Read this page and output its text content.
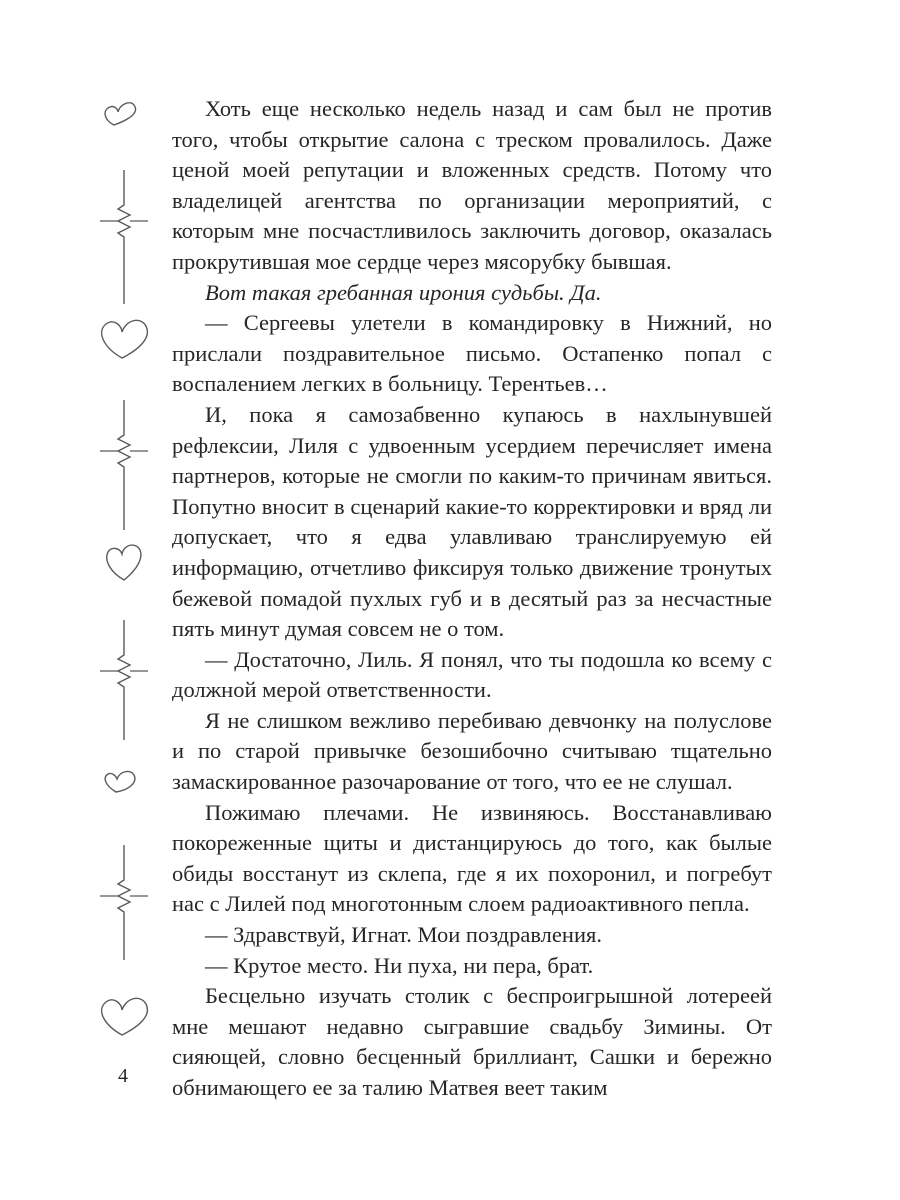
Хоть еще несколько недель назад и сам был не против того, чтобы открытие салона с треском провалилось. Даже ценой моей репутации и вложенных средств. Потому что владелицей агентства по организации мероприятий, с которым мне посчастливилось заключить договор, оказалась прокрутившая мое сердце через мясорубку бывшая.

Вот такая гребанная ирония судьбы. Да.

— Сергеевы улетели в командировку в Нижний, но прислали поздравительное письмо. Остапенко попал с воспалением легких в больницу. Терентьев…

И, пока я самозабвенно купаюсь в нахлынувшей рефлексии, Лиля с удвоенным усердием перечисляет имена партнеров, которые не смогли по каким-то причинам явиться. Попутно вносит в сценарий какие-то корректировки и вряд ли допускает, что я едва улавливаю транслируемую ей информацию, отчетливо фиксируя только движение тронутых бежевой помадой пухлых губ и в десятый раз за несчастные пять минут думая совсем не о том.

— Достаточно, Лиль. Я понял, что ты подошла ко всему с должной мерой ответственности.

Я не слишком вежливо перебиваю девчонку на полуслове и по старой привычке безошибочно считываю тщательно замаскированное разочарование от того, что ее не слушал.

Пожимаю плечами. Не извиняюсь. Восстанавливаю покореженные щиты и дистанцируюсь до того, как былые обиды восстанут из склепа, где я их похоронил, и погребут нас с Лилей под многотонным слоем радиоактивного пепла.

— Здравствуй, Игнат. Мои поздравления.

— Крутое место. Ни пуха, ни пера, брат.

Бесцельно изучать столик с беспроигрышной лотереей мне мешают недавно сыгравшие свадьбу Зимины. От сияющей, словно бесценный бриллиант, Сашки и бережно обнимающего ее за талию Матвея веет таким

4
